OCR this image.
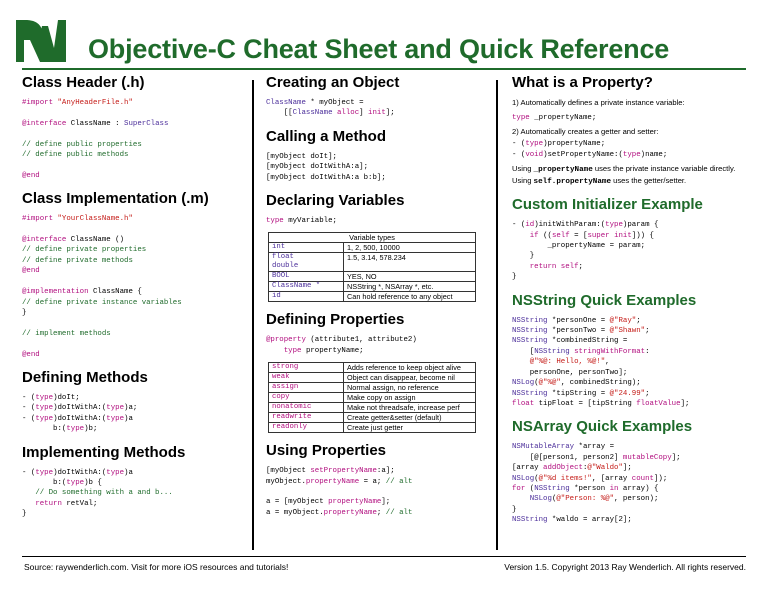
Objective-C Cheat Sheet and Quick Reference
Class Header (.h)
#import "AnyHeaderFile.h"

@interface ClassName : SuperClass

// define public properties
// define public methods

@end
Class Implementation (.m)
#import "YourClassName.h"

@interface ClassName ()
// define private properties
// define private methods
@end

@implementation ClassName {
// define private instance variables
}

// implement methods

@end
Defining Methods
- (type)doIt;
- (type)doItWithA:(type)a;
- (type)doItWithA:(type)a
b:(type)b;
Implementing Methods
- (type)doItWithA:(type)a
b:(type)b {
// Do something with a and b...
return retVal;
}
Creating an Object
ClassName * myObject =
[[ClassName alloc] init];
Calling a Method
[myObject doIt];
[myObject doItWithA:a];
[myObject doItWithA:a b:b];
Declaring Variables
type myVariable;
Variable types	
int	1, 2, 500, 10000
float
double	1.5, 3.14, 578.234
BOOL	YES, NO
ClassName *	NSString *, NSArray *, etc.
id	Can hold reference to any object
Defining Properties
@property (attribute1, attribute2)
type propertyName;
strong	Adds reference to keep object alive
weak	Object can disappear, become nil
assign	Normal assign, no reference
copy	Make copy on assign
nonatomic	Make not threadsafe, increase perf
readwrite	Create getter&setter (default)
readonly	Create just getter
Using Properties
[myObject setPropertyName:a];
myObject.propertyName = a; // alt

a = [myObject propertyName];
a = myObject.propertyName; // alt
What is a Property?

1) Automatically defines a private instance variable:

type _propertyName;

2) Automatically creates a getter and setter:

- (type)propertyName;
- (void)setPropertyName:(type)name;

Using _propertyName uses the private instance variable directly. Using self.propertyName uses the getter/setter.

Custom Initializer Example
- (id)initWithParam:(type)param {
if ((self = [super init])) {
_propertyName = param;
}
return self;
}
NSString Quick Examples
NSString *personOne = @"Ray";
NSString *personTwo = @"Shawn";
NSString *combinedString =
[NSString stringWithFormat:
@"%@: Hello, %@!",
personOne, personTwo];
NSLog(@"%@", combinedString);
NSString *tipString = @"24.99";
float tipFloat = [tipString floatValue];
NSArray Quick Examples
NSMutableArray *array =
[@[person1, person2] mutableCopy];
[array addObject:@"Waldo"];
NSLog(@"%d items!", [array count]);
for (NSString *person in array) {
NSLog(@"Person: %@", person);
}
NSString *waldo = array[2];
Source: raywenderlich.com. Visit for more iOS resources and tutorials!	Version 1.5. Copyright 2013 Ray Wenderlich. All rights reserved.
